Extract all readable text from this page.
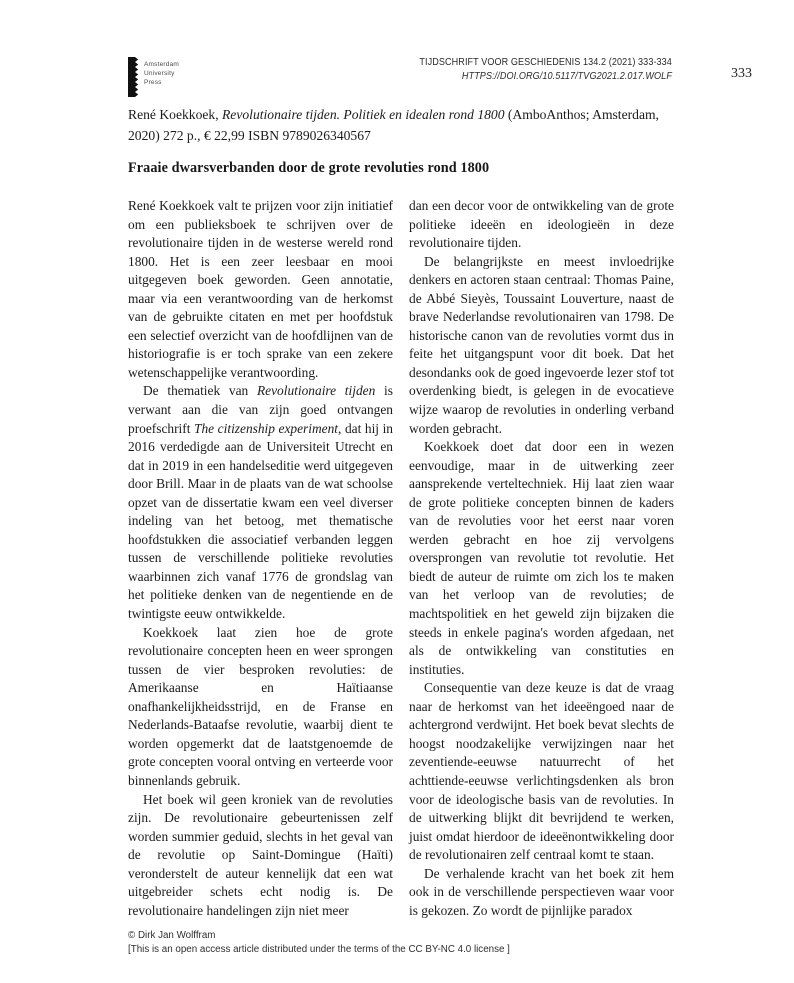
Amsterdam
University
Press
TIJDSCHRIFT VOOR GESCHIEDENIS 134.2 (2021) 333-334
HTTPS://DOI.ORG/10.5117/TVG2021.2.017.WOLF	333

René Koekkoek, Revolutionaire tijden. Politiek en idealen rond 1800 (AmboAnthos; Amsterdam, 2020) 272 p., € 22,99 ISBN 9789026340567

Fraaie dwarsverbanden door de grote revoluties rond 1800

René Koekkoek valt te prijzen voor zijn initiatief om een publieksboek te schrijven over de revolutionaire tijden in de westerse wereld rond 1800. Het is een zeer leesbaar en mooi uitgegeven boek geworden. Geen annotatie, maar via een verantwoording van de herkomst van de gebruikte citaten en met per hoofdstuk een selectief overzicht van de hoofdlijnen van de historiografie is er toch sprake van een zekere wetenschappelijke verantwoording.

De thematiek van Revolutionaire tijden is verwant aan die van zijn goed ontvangen proefschrift The citizenship experiment, dat hij in 2016 verdedigde aan de Universiteit Utrecht en dat in 2019 in een handelseditie werd uitgegeven door Brill. Maar in de plaats van de wat schoolse opzet van de dissertatie kwam een veel diverser indeling van het betoog, met thematische hoofdstukken die associatief verbanden leggen tussen de verschillende politieke revoluties waarbinnen zich vanaf 1776 de grondslag van het politieke denken van de negentiende en de twintigste eeuw ontwikkelde.

Koekkoek laat zien hoe de grote revolutionaire concepten heen en weer sprongen tussen de vier besproken revoluties: de Amerikaanse en Haïtiaanse onafhankelijkheidsstrijd, en de Franse en Nederlands-Bataafse revolutie, waarbij dient te worden opgemerkt dat de laatstgenoemde de grote concepten vooral ontving en verteerde voor binnenlands gebruik.

Het boek wil geen kroniek van de revoluties zijn. De revolutionaire gebeurtenissen zelf worden summier geduid, slechts in het geval van de revolutie op Saint-Domingue (Haïti) veronderstelt de auteur kennelijk dat een wat uitgebreider schets echt nodig is. De revolutionaire handelingen zijn niet meer

dan een decor voor de ontwikkeling van de grote politieke ideeën en ideologieën in deze revolutionaire tijden.

De belangrijkste en meest invloedrijke denkers en actoren staan centraal: Thomas Paine, de Abbé Sieyès, Toussaint Louverture, naast de brave Nederlandse revolutionairen van 1798. De historische canon van de revoluties vormt dus in feite het uitgangspunt voor dit boek. Dat het desondanks ook de goed ingevoerde lezer stof tot overdenking biedt, is gelegen in de evocatieve wijze waarop de revoluties in onderling verband worden gebracht.

Koekkoek doet dat door een in wezen eenvoudige, maar in de uitwerking zeer aansprekende verteltechniek. Hij laat zien waar de grote politieke concepten binnen de kaders van de revoluties voor het eerst naar voren werden gebracht en hoe zij vervolgens oversprongen van revolutie tot revolutie. Het biedt de auteur de ruimte om zich los te maken van het verloop van de revoluties; de machtspolitiek en het geweld zijn bijzaken die steeds in enkele pagina's worden afgedaan, net als de ontwikkeling van constituties en instituties.

Consequentie van deze keuze is dat de vraag naar de herkomst van het ideeëngoed naar de achtergrond verdwijnt. Het boek bevat slechts de hoogst noodzakelijke verwijzingen naar het zeventiende-eeuwse natuurrecht of het achttiende-eeuwse verlichtingsdenken als bron voor de ideologische basis van de revoluties. In de uitwerking blijkt dit bevrijdend te werken, juist omdat hierdoor de ideeënontwikkeling door de revolutionairen zelf centraal komt te staan.

De verhalende kracht van het boek zit hem ook in de verschillende perspectieven waar voor is gekozen. Zo wordt de pijnlijke paradox

© Dirk Jan Wolffram
[This is an open access article distributed under the terms of the CC BY-NC 4.0 license ]
